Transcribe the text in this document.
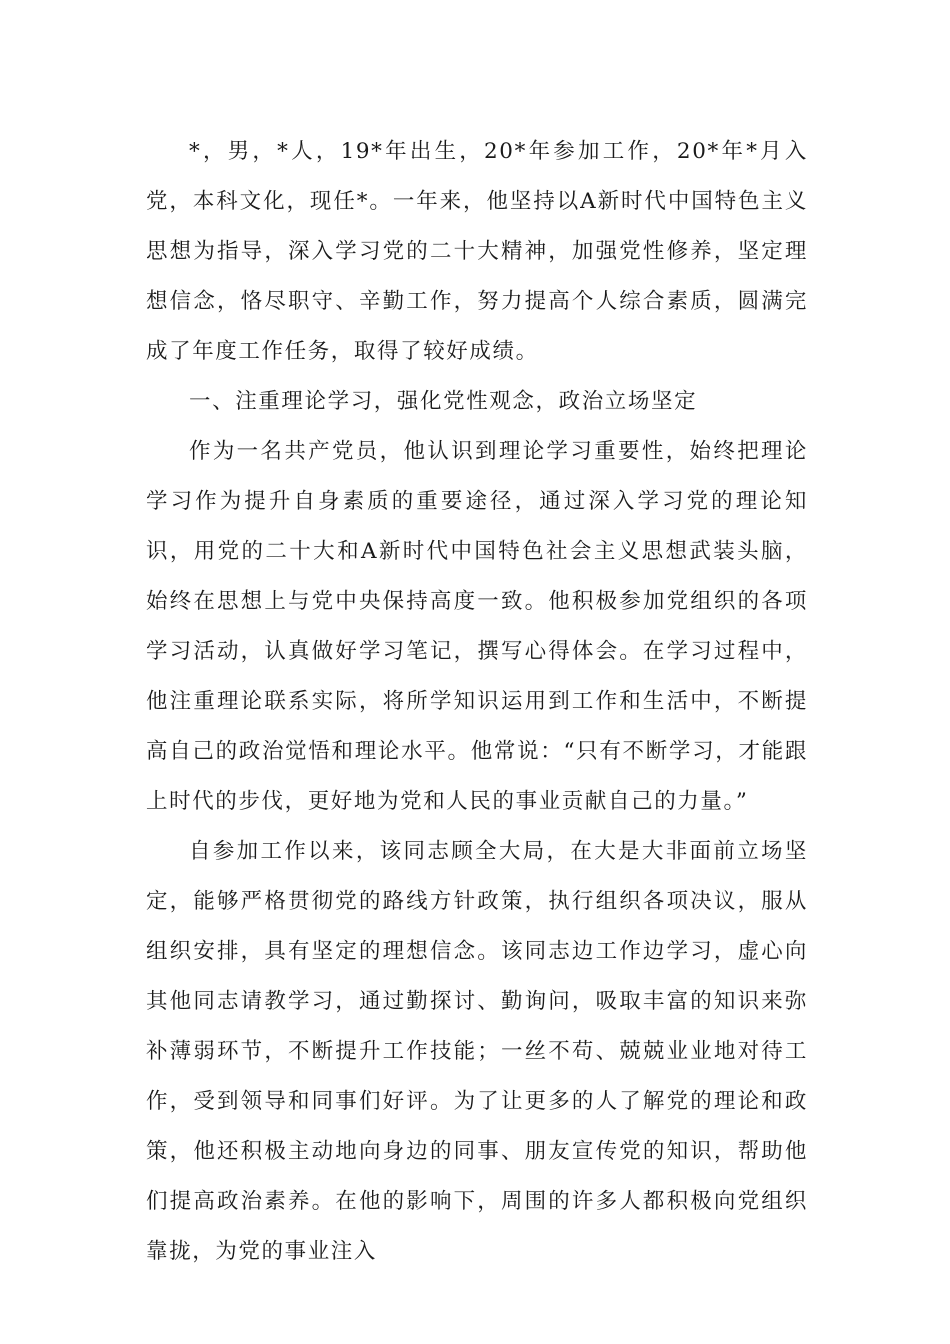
*，男，*人，19*年出生，20*年参加工作，20*年*月入党，本科文化，现任*。一年来，他坚持以A新时代中国特色主义思想为指导，深入学习党的二十大精神，加强党性修养，坚定理想信念，恪尽职守、辛勤工作，努力提高个人综合素质，圆满完成了年度工作任务，取得了较好成绩。

一、注重理论学习，强化党性观念，政治立场坚定

作为一名共产党员，他认识到理论学习重要性，始终把理论学习作为提升自身素质的重要途径，通过深入学习党的理论知识，用党的二十大和A新时代中国特色社会主义思想武装头脑，始终在思想上与党中央保持高度一致。他积极参加党组织的各项学习活动，认真做好学习笔记，撰写心得体会。在学习过程中，他注重理论联系实际，将所学知识运用到工作和生活中，不断提高自己的政治觉悟和理论水平。他常说：“只有不断学习，才能跟上时代的步伐，更好地为党和人民的事业贡献自己的力量。”

自参加工作以来，该同志顾全大局，在大是大非面前立场坚定，能够严格贯彻党的路线方针政策，执行组织各项决议，服从组织安排，具有坚定的理想信念。该同志边工作边学习，虚心向其他同志请教学习，通过勤探讨、勤询问，吸取丰富的知识来弥补薄弱环节，不断提升工作技能；一丝不苟、兢兢业业地对待工作，受到领导和同事们好评。为了让更多的人了解党的理论和政策，他还积极主动地向身边的同事、朋友宣传党的知识，帮助他们提高政治素养。在他的影响下，周围的许多人都积极向党组织靠拢，为党的事业注入
